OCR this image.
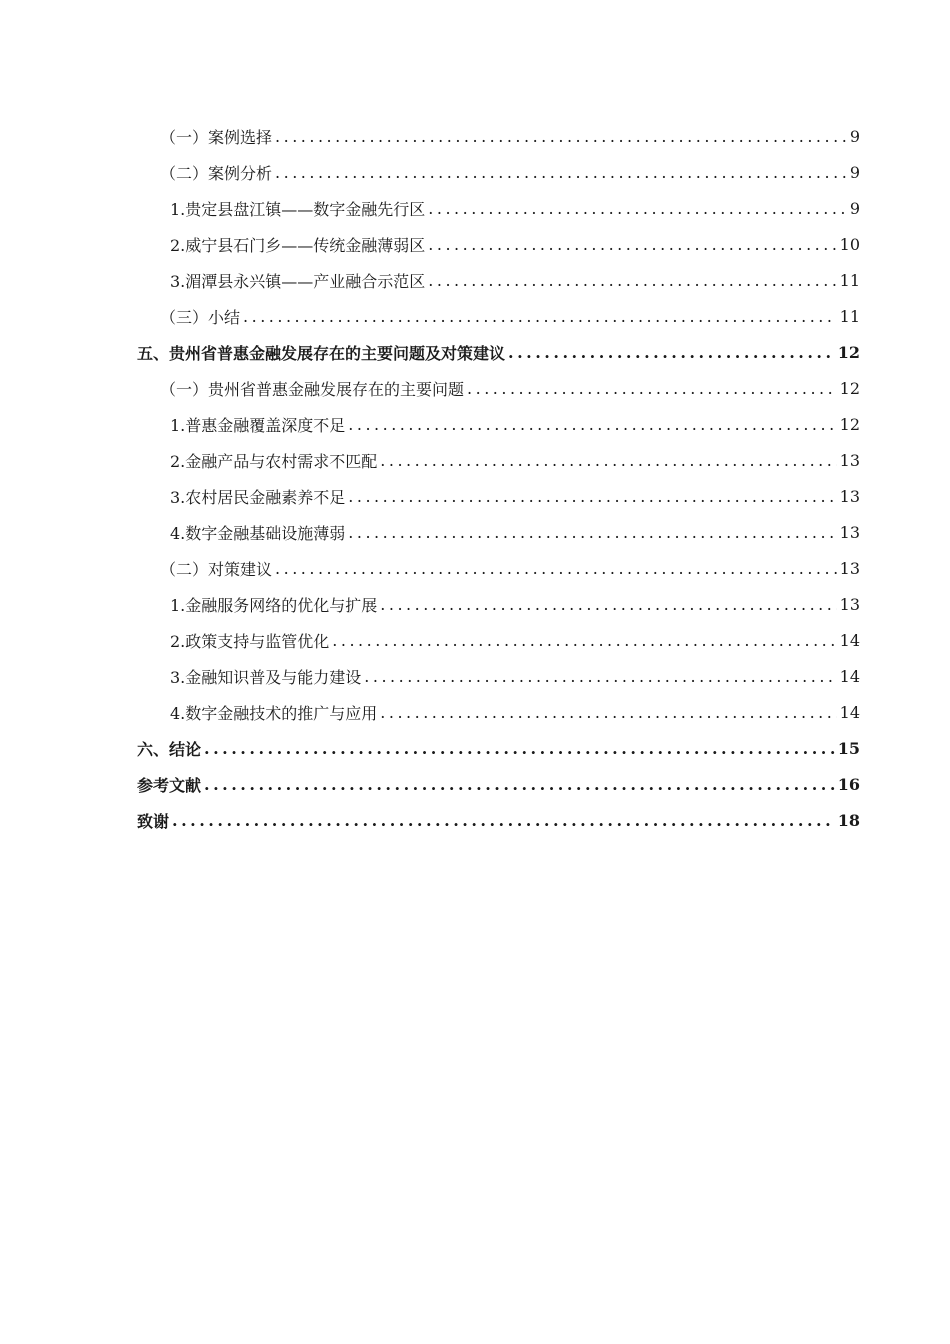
（一）案例选择 .....	9
（二）案例分析 .....	9
1.贵定县盘江镇——数字金融先行区 .....	9
2.威宁县石门乡——传统金融薄弱区 .....	10
3.湄潭县永兴镇——产业融合示范区 .....	11
（三）小结 .....	11
五、贵州省普惠金融发展存在的主要问题及对策建议 .....	12
（一）贵州省普惠金融发展存在的主要问题 .....	12
1.普惠金融覆盖深度不足 .....	12
2.金融产品与农村需求不匹配 .....	13
3.农村居民金融素养不足 .....	13
4.数字金融基础设施薄弱 .....	13
（二）对策建议 .....	13
1.金融服务网络的优化与扩展 .....	13
2.政策支持与监管优化 .....	14
3.金融知识普及与能力建设 .....	14
4.数字金融技术的推广与应用 .....	14
六、结论 .....	15
参考文献 .....	16
致谢 .....	18
